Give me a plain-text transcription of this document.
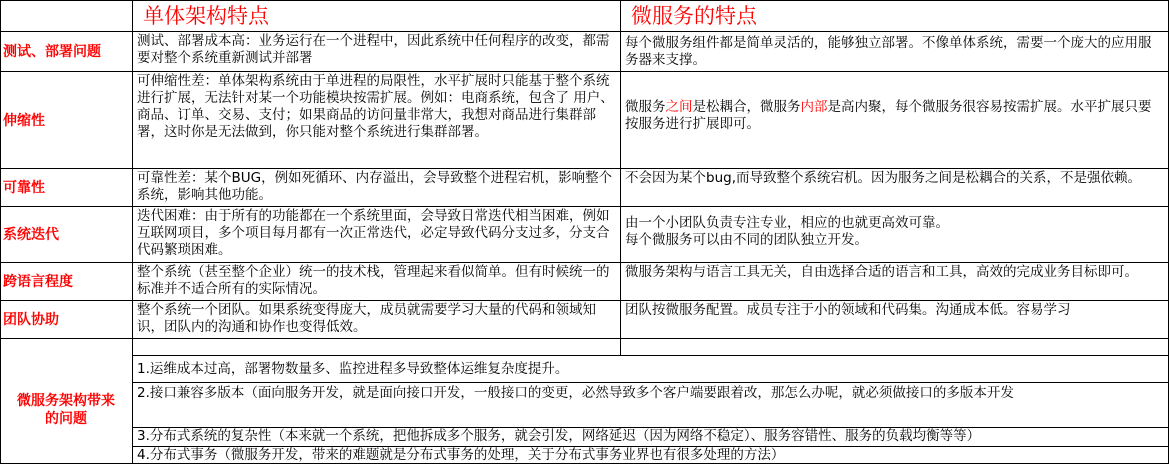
单体架构特点	微服务的特点
测试、部署问题
测试、部署成本高：业务运行在一个进程中，因此系统中任何程序的改变，都需要对整个系统重新测试并部署
每个微服务组件都是简单灵活的，能够独立部署。不像单体系统，需要一个庞大的应用服务器来支撑。
伸缩性
可伸缩性差：单体架构系统由于单进程的局限性，水平扩展时只能基于整个系统进行扩展，无法针对某一个功能模块按需扩展。例如：电商系统，包含了 用户、商品、订单、交易、支付；如果商品的访问量非常大，我想对商品进行集群部署，这时你是无法做到，你只能对整个系统进行集群部署。
微服务之间是松耦合，微服务内部是高内聚，每个微服务很容易按需扩展。水平扩展只要按服务进行扩展即可。
可靠性
可靠性差：某个BUG，例如死循环、内存溢出，会导致整个进程宕机，影响整个系统，影响其他功能。
不会因为某个bug,而导致整个系统宕机。因为服务之间是松耦合的关系，不是强依赖。
系统迭代
迭代困难：由于所有的功能都在一个系统里面，会导致日常迭代相当困难，例如互联网项目，多个项目每月都有一次正常迭代，必定导致代码分支过多，分支合代码繁琐困难。
由一个小团队负责专注专业，相应的也就更高效可靠。
每个微服务可以由不同的团队独立开发。
跨语言程度
整个系统（甚至整个企业）统一的技术栈，管理起来看似简单。但有时候统一的标准并不适合所有的实际情况。
微服务架构与语言工具无关，自由选择合适的语言和工具，高效的完成业务目标即可。
团队协助
整个系统一个团队。如果系统变得庞大，成员就需要学习大量的代码和领域知识，团队内的沟通和协作也变得低效。
团队按微服务配置。成员专注于小的领域和代码集。沟通成本低。容易学习
微服务架构带来的问题
1.运维成本过高，部署物数量多、监控进程多导致整体运维复杂度提升。
2.接口兼容多版本（面向服务开发，就是面向接口开发，一般接口的变更，必然导致多个客户端要跟着改，那怎么办呢，就必须做接口的多版本开发
3.分布式系统的复杂性（本来就一个系统，把他拆成多个服务，就会引发，网络延迟（因为网络不稳定）、服务容错性、服务的负载均衡等等）
4.分布式事务（微服务开发，带来的难题就是分布式事务的处理，关于分布式事务业界也有很多处理的方法）
